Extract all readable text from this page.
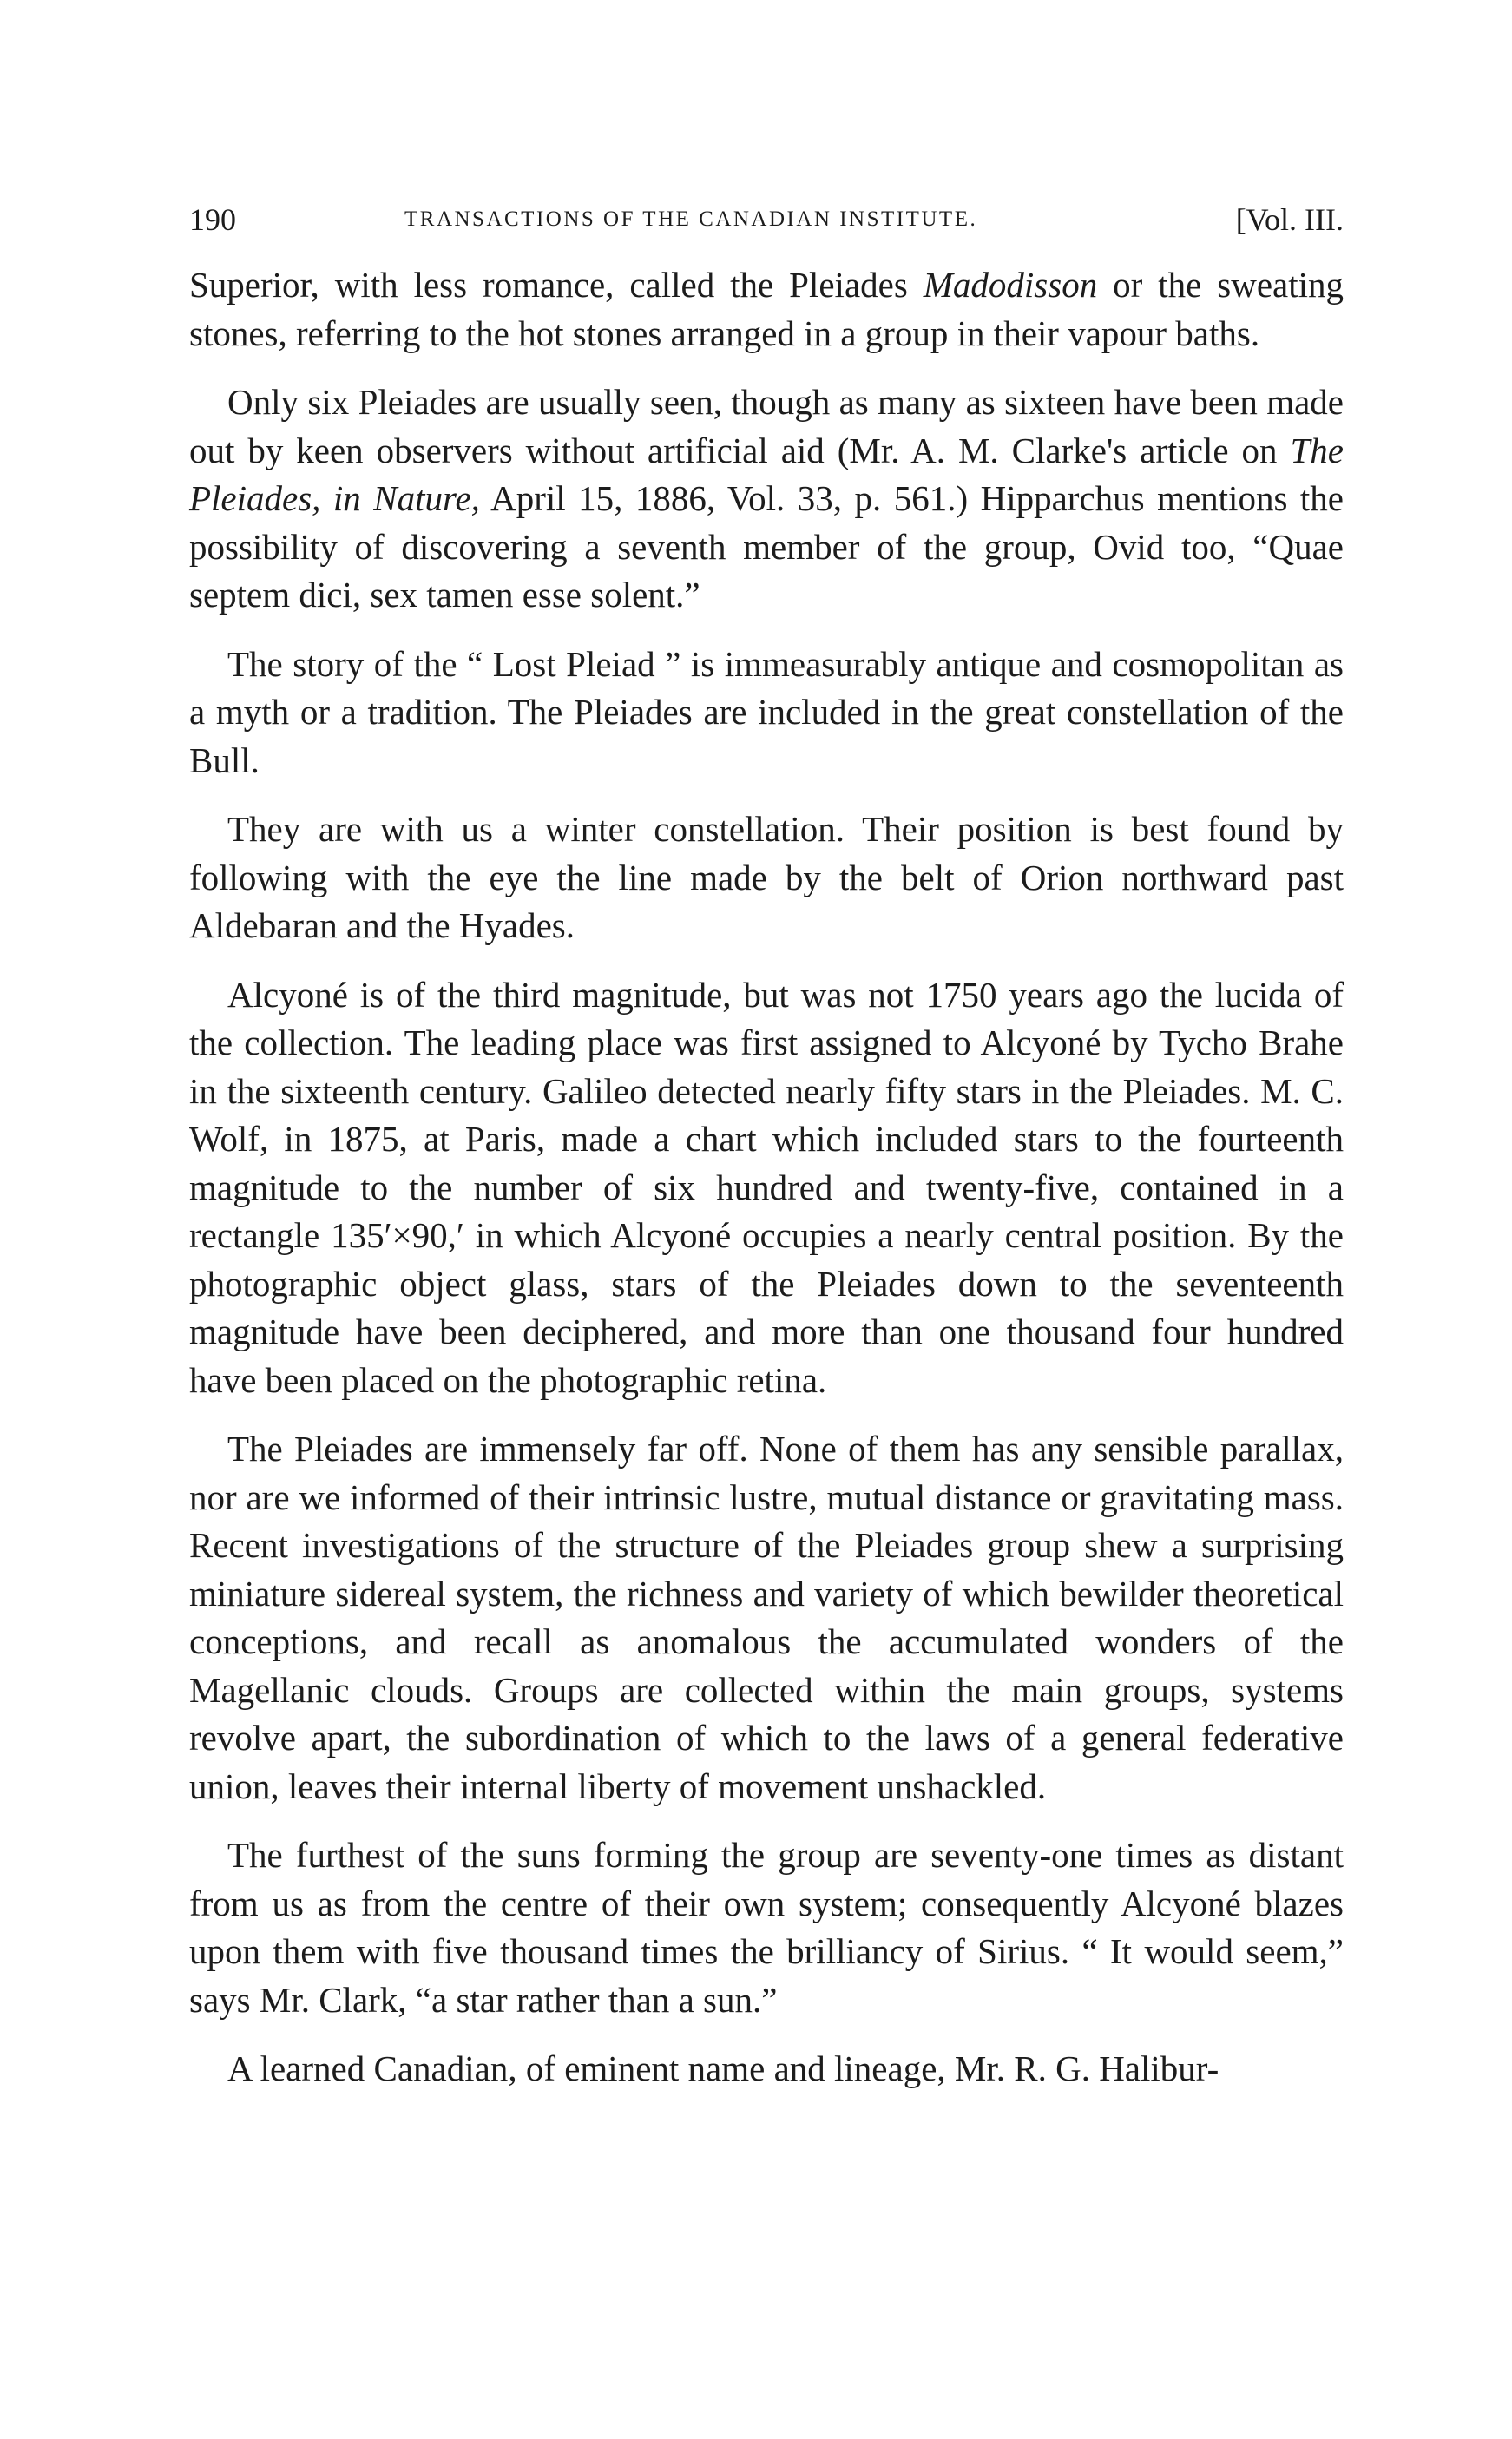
190	TRANSACTIONS OF THE CANADIAN INSTITUTE.	[Vol. III.

Superior, with less romance, called the Pleiades Madodisson or the sweating stones, referring to the hot stones arranged in a group in their vapour baths.

Only six Pleiades are usually seen, though as many as sixteen have been made out by keen observers without artificial aid (Mr. A. M. Clarke's article on The Pleiades, in Nature, April 15, 1886, Vol. 33, p. 561.) Hipparchus mentions the possibility of discovering a seventh member of the group, Ovid too, “Quae septem dici, sex tamen esse solent.”

The story of the “ Lost Pleiad ” is immeasurably antique and cosmopolitan as a myth or a tradition. The Pleiades are included in the great constellation of the Bull.

They are with us a winter constellation. Their position is best found by following with the eye the line made by the belt of Orion northward past Aldebaran and the Hyades.

Alcyoné is of the third magnitude, but was not 1750 years ago the lucida of the collection. The leading place was first assigned to Alcyoné by Tycho Brahe in the sixteenth century. Galileo detected nearly fifty stars in the Pleiades. M. C. Wolf, in 1875, at Paris, made a chart which included stars to the fourteenth magnitude to the number of six hundred and twenty-five, contained in a rectangle 135′×90,′ in which Alcyoné occupies a nearly central position. By the photographic object glass, stars of the Pleiades down to the seventeenth magnitude have been deciphered, and more than one thousand four hundred have been placed on the photographic retina.

The Pleiades are immensely far off. None of them has any sensible parallax, nor are we informed of their intrinsic lustre, mutual distance or gravitating mass. Recent investigations of the structure of the Pleiades group shew a surprising miniature sidereal system, the richness and variety of which bewilder theoretical conceptions, and recall as anomalous the accumulated wonders of the Magellanic clouds. Groups are collected within the main groups, systems revolve apart, the subordination of which to the laws of a general federative union, leaves their internal liberty of movement unshackled.

The furthest of the suns forming the group are seventy-one times as distant from us as from the centre of their own system; consequently Alcyoné blazes upon them with five thousand times the brilliancy of Sirius. “ It would seem,” says Mr. Clark, “a star rather than a sun.”

A learned Canadian, of eminent name and lineage, Mr. R. G. Halibur-
